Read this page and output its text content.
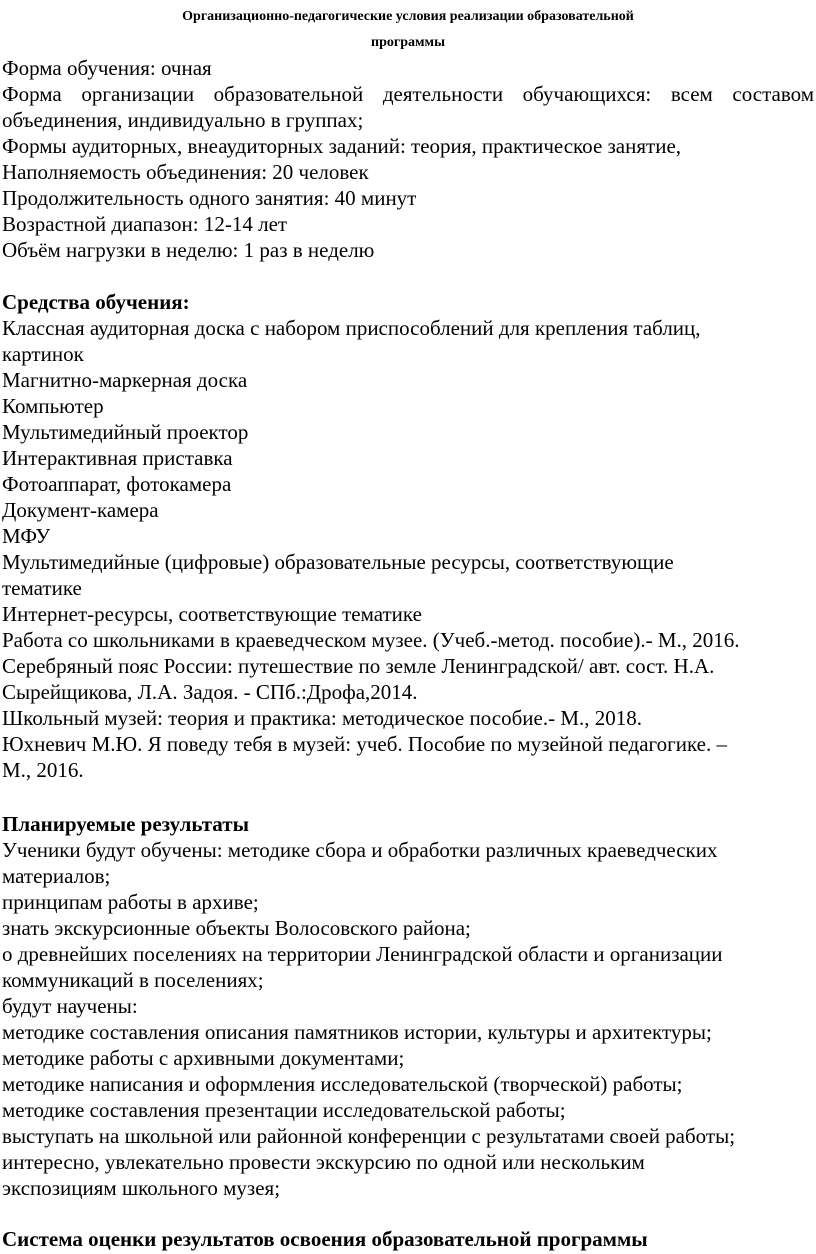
Организационно-педагогические условия реализации образовательной
программы
Форма обучения: очная
Форма организации образовательной деятельности обучающихся: всем составом
объединения, индивидуально в группах;
Формы аудиторных, внеаудиторных заданий: теория, практическое занятие,
Наполняемость объединения: 20 человек
Продолжительность одного занятия: 40 минут
Возрастной диапазон: 12-14 лет
Объём нагрузки в неделю: 1 раз в неделю
Средства обучения:
Классная аудиторная доска с набором приспособлений для крепления таблиц,
картинок
Магнитно-маркерная доска
Компьютер
Мультимедийный проектор
Интерактивная приставка
Фотоаппарат, фотокамера
Документ-камера
МФУ
Мультимедийные (цифровые) образовательные ресурсы, соответствующие
тематике
Интернет-ресурсы, соответствующие тематике
Работа со школьниками в краеведческом музее. (Учеб.-метод. пособие).- М., 2016.
Серебряный пояс России: путешествие по земле Ленинградской/ авт. сост. Н.А.
Сырейщикова, Л.А. Задоя. - СПб.:Дрофа,2014.
Школьный музей: теория и практика: методическое пособие.- М., 2018.
Юхневич М.Ю. Я поведу тебя в музей: учеб. Пособие по музейной педагогике. –
М., 2016.
Планируемые результаты
Ученики будут обучены: методике сбора и обработки различных краеведческих
материалов;
принципам работы в архиве;
знать экскурсионные объекты Волосовского района;
о древнейших поселениях на территории Ленинградской области и организации
коммуникаций в поселениях;
будут научены:
методике составления описания памятников истории, культуры и архитектуры;
методике работы с архивными документами;
методике написания и оформления исследовательской (творческой) работы;
методике составления презентации исследовательской работы;
выступать на школьной или районной конференции с результатами своей работы;
интересно, увлекательно провести экскурсию по одной или нескольким
экспозициям школьного музея;
Система оценки результатов освоения образовательной программы
